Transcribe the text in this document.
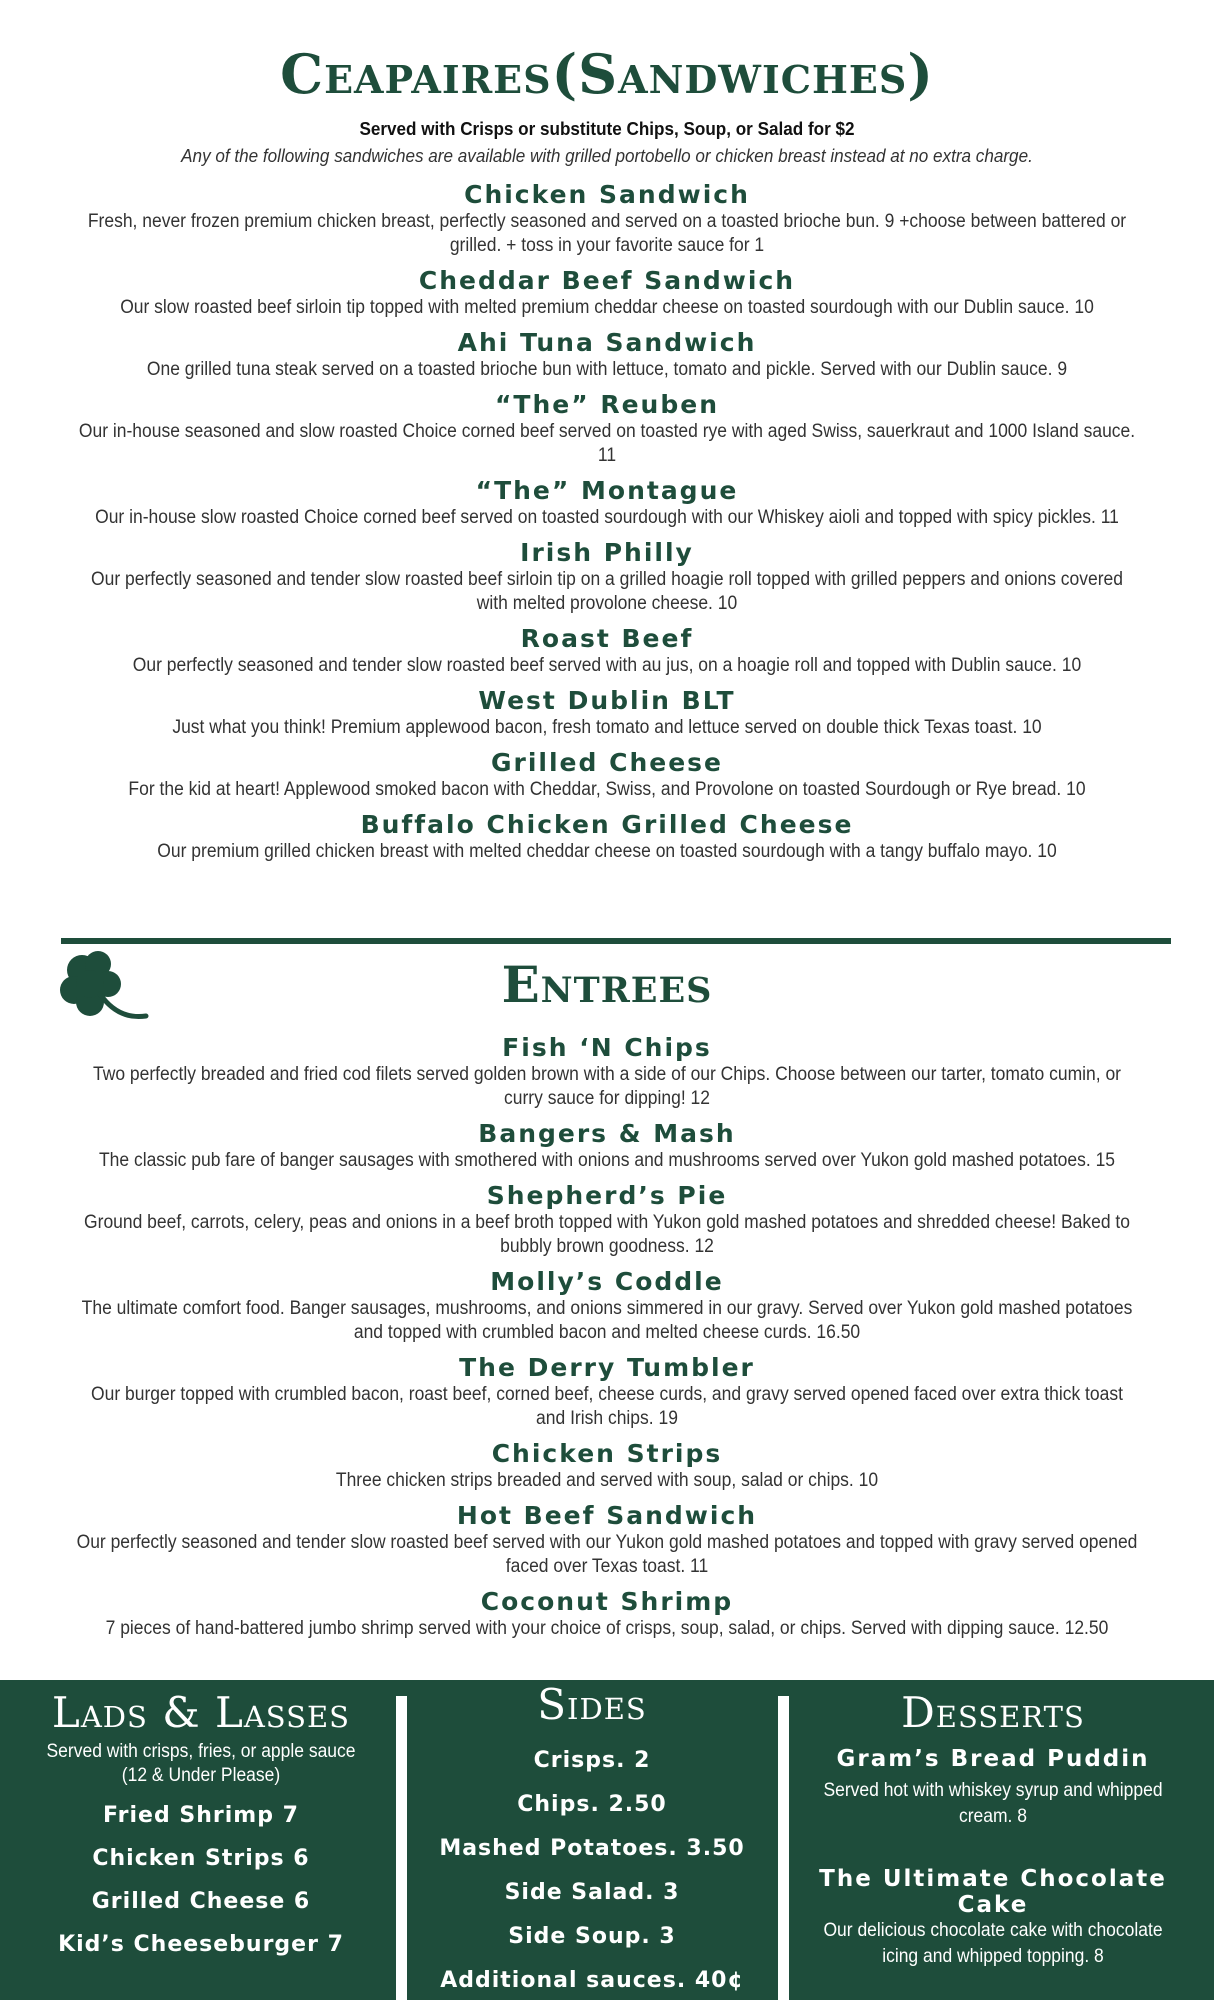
Ceapaires(Sandwiches)
Served with Crisps or substitute Chips, Soup, or Salad for $2
Any of the following sandwiches are available with grilled portobello or chicken breast instead at no extra charge.
Chicken Sandwich
Fresh, never frozen premium chicken breast, perfectly seasoned and served on a toasted brioche bun. 9 +choose between battered or grilled. + toss in your favorite sauce for 1
Cheddar Beef Sandwich
Our slow roasted beef sirloin tip topped with melted premium cheddar cheese on toasted sourdough with our Dublin sauce. 10
Ahi Tuna Sandwich
One grilled tuna steak served on a toasted brioche bun with lettuce, tomato and pickle. Served with our Dublin sauce. 9
“The” Reuben
Our in-house seasoned and slow roasted Choice corned beef served on toasted rye with aged Swiss, sauerkraut and 1000 Island sauce. 11
“The” Montague
Our in-house slow roasted Choice corned beef served on toasted sourdough with our Whiskey aioli and topped with spicy pickles. 11
Irish Philly
Our perfectly seasoned and tender slow roasted beef sirloin tip on a grilled hoagie roll topped with grilled peppers and onions covered with melted provolone cheese. 10
Roast Beef
Our perfectly seasoned and tender slow roasted beef served with au jus, on a hoagie roll and topped with Dublin sauce. 10
West Dublin BLT
Just what you think! Premium applewood bacon, fresh tomato and lettuce served on double thick Texas toast. 10
Grilled Cheese
For the kid at heart! Applewood smoked bacon with Cheddar, Swiss, and Provolone on toasted Sourdough or Rye bread. 10
Buffalo Chicken Grilled Cheese
Our premium grilled chicken breast with melted cheddar cheese on toasted sourdough with a tangy buffalo mayo. 10
Entrees
Fish ‘N Chips
Two perfectly breaded and fried cod filets served golden brown with a side of our Chips. Choose between our tarter, tomato cumin, or curry sauce for dipping! 12
Bangers & Mash
The classic pub fare of banger sausages with smothered with onions and mushrooms served over Yukon gold mashed potatoes. 15
Shepherd’s Pie
Ground beef, carrots, celery, peas and onions in a beef broth topped with Yukon gold mashed potatoes and shredded cheese! Baked to bubbly brown goodness. 12
Molly’s Coddle
The ultimate comfort food. Banger sausages, mushrooms, and onions simmered in our gravy. Served over Yukon gold mashed potatoes and topped with crumbled bacon and melted cheese curds. 16.50
The Derry Tumbler
Our burger topped with crumbled bacon, roast beef, corned beef, cheese curds, and gravy served opened faced over extra thick toast and Irish chips. 19
Chicken Strips
Three chicken strips breaded and served with soup, salad or chips. 10
Hot Beef Sandwich
Our perfectly seasoned and tender slow roasted beef served with our Yukon gold mashed potatoes and topped with gravy served opened faced over Texas toast. 11
Coconut Shrimp
7 pieces of hand-battered jumbo shrimp served with your choice of crisps, soup, salad, or chips. Served with dipping sauce. 12.50
Lads & Lasses
Served with crisps, fries, or apple sauce (12 & Under Please)
Fried Shrimp 7
Chicken Strips 6
Grilled Cheese 6
Kid’s Cheeseburger 7
Sides
Crisps. 2
Chips. 2.50
Mashed Potatoes. 3.50
Side Salad. 3
Side Soup. 3
Additional sauces. 40¢
Desserts
Gram’s Bread Puddin
Served hot with whiskey syrup and whipped cream. 8
The Ultimate Chocolate Cake
Our delicious chocolate cake with chocolate icing and whipped topping. 8
